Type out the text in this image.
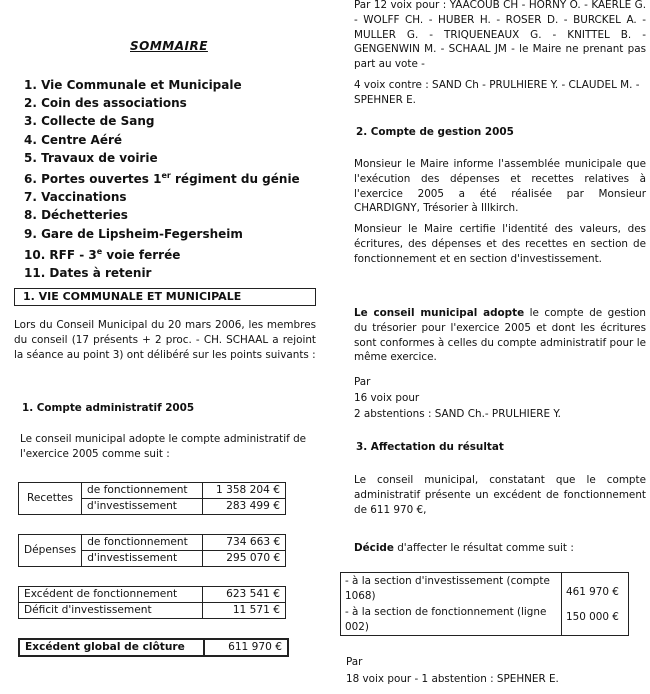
SOMMAIRE
1. Vie Communale et Municipale
2. Coin des associations
3. Collecte de Sang
4. Centre Aéré
5. Travaux de voirie
6. Portes ouvertes 1er régiment du génie
7. Vaccinations
8. Déchetteries
9. Gare de Lipsheim-Fegersheim
10. RFF - 3e voie ferrée
11. Dates à retenir
1. VIE COMMUNALE ET MUNICIPALE

Lors du Conseil Municipal du 20 mars 2006, les membres du conseil (17 présents + 2 proc. - CH. SCHAAL a rejoint la séance au point 3) ont délibéré sur les points suivants :

1. Compte administratif 2005

Le conseil municipal adopte le compte administratif de l'exercice 2005 comme suit :

Recettes	de fonctionnement	1 358 204 €
	d'investissement	283 499 €
Dépenses	de fonctionnement	734 663 €
	d'investissement	295 070 €
Excédent de fonctionnement	623 541 €
Déficit d'investissement	11 571 €
Excédent global de clôture	611 970 €

Par 12 voix pour : YAACOUB CH - HORNY O. - KAERLE G. - WOLFF CH. - HUBER H. - ROSER D. - BURCKEL A. - MULLER G. - TRIQUENEAUX G. - KNITTEL B. - GENGENWIN M. - SCHAAL JM - le Maire ne prenant pas part au vote -

4 voix contre : SAND Ch - PRULHIERE Y. - CLAUDEL M. - SPEHNER E.

2. Compte de gestion 2005

Monsieur le Maire informe l'assemblée municipale que l'exécution des dépenses et recettes relatives à l'exercice 2005 a été réalisée par Monsieur CHARDIGNY, Trésorier à Illkirch.

Monsieur le Maire certifie l'identité des valeurs, des écritures, des dépenses et des recettes en section de fonctionnement et en section d'investissement.

Le conseil municipal adopte le compte de gestion du trésorier pour l'exercice 2005 et dont les écritures sont conformes à celles du compte administratif pour le même exercice.

Par

16 voix pour

2 abstentions : SAND Ch.- PRULHIERE Y.

3. Affectation du résultat

Le conseil municipal, constatant que le compte administratif présente un excédent de fonctionnement de 611 970 €,

Décide d'affecter le résultat comme suit :

- à la section d'investissement (compte 1068)	461 970 €
- à la section de fonctionnement (ligne 002)	150 000 €

Par

18 voix pour - 1 abstention : SPEHNER E.
